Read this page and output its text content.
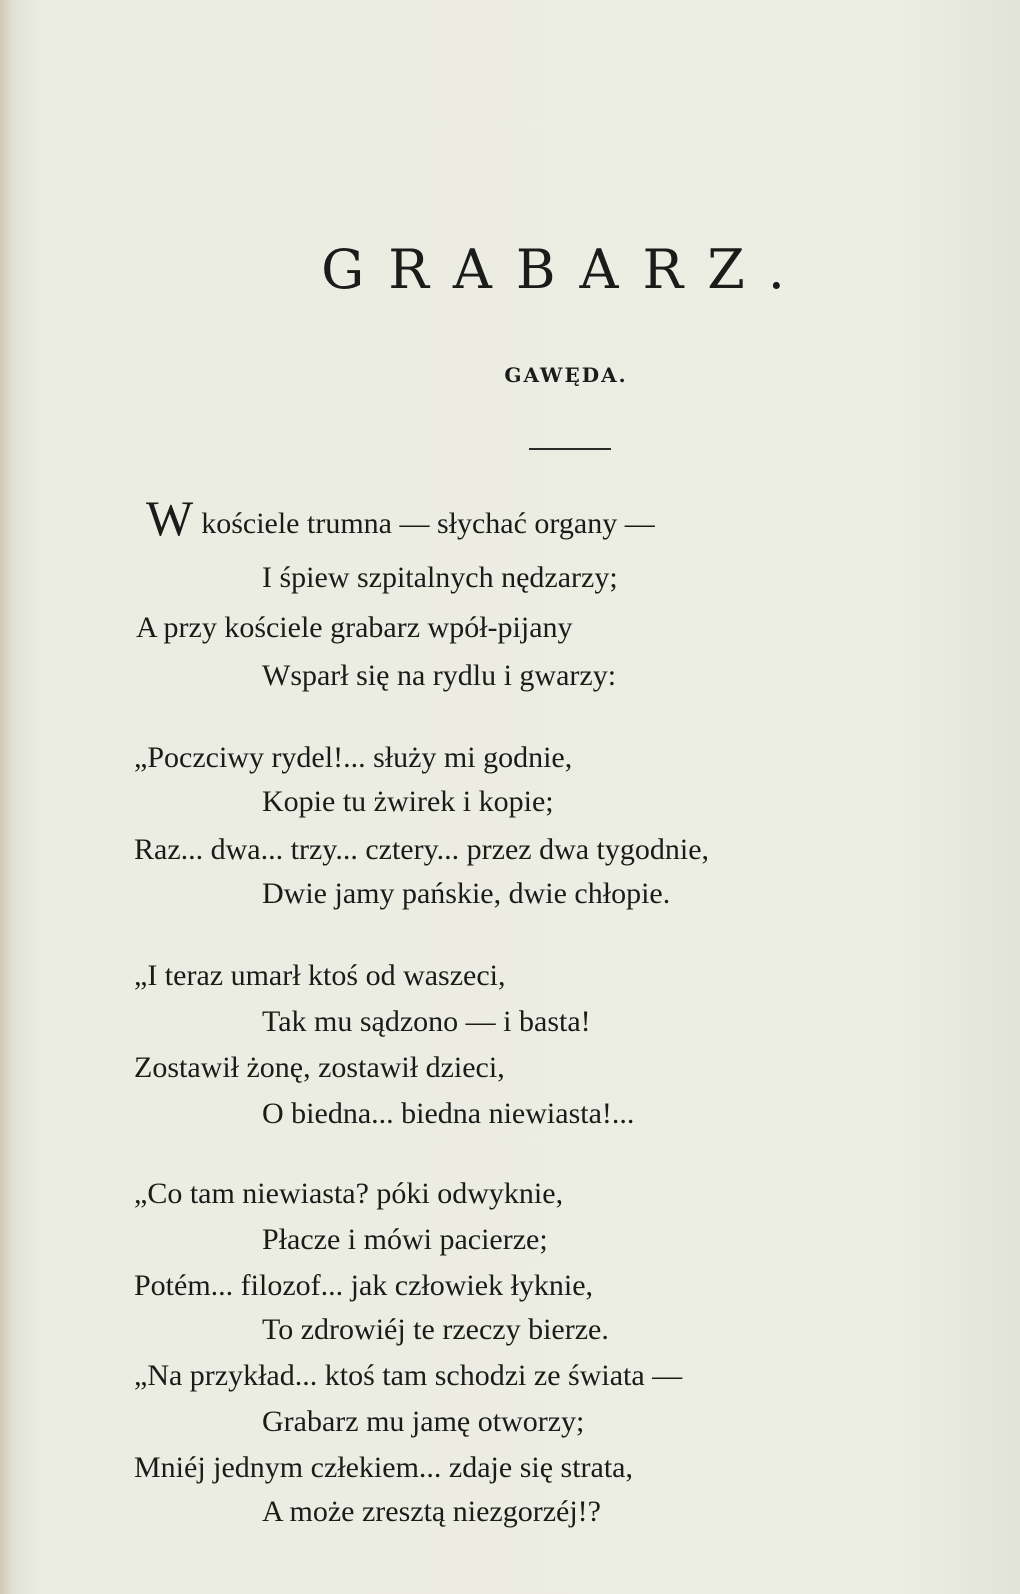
GRABARZ.
GAWĘDA.
Wkościele trumna — słychać organy —
I śpiew szpitalnych nędzarzy;
A przy kościele grabarz wpół-pijany
Wsparł się na rydlu i gwarzy:
„Poczciwy rydel!... służy mi godnie,
Kopie tu żwirek i kopie;
Raz... dwa... trzy... cztery... przez dwa tygodnie,
Dwie jamy pańskie, dwie chłopie.
„I teraz umarł ktoś od waszeci,
Tak mu sądzono — i basta!
Zostawił żonę, zostawił dzieci,
O biedna... biedna niewiasta!...
„Co tam niewiasta? póki odwyknie,
Płacze i mówi pacierze;
Potém... filozof... jak człowiek łyknie,
To zdrowiéj te rzeczy bierze.
„Na przykład... ktoś tam schodzi ze świata —
Grabarz mu jamę otworzy;
Mniéj jednym człekiem... zdaje się strata,
A może zresztą niezgorzéj!?
